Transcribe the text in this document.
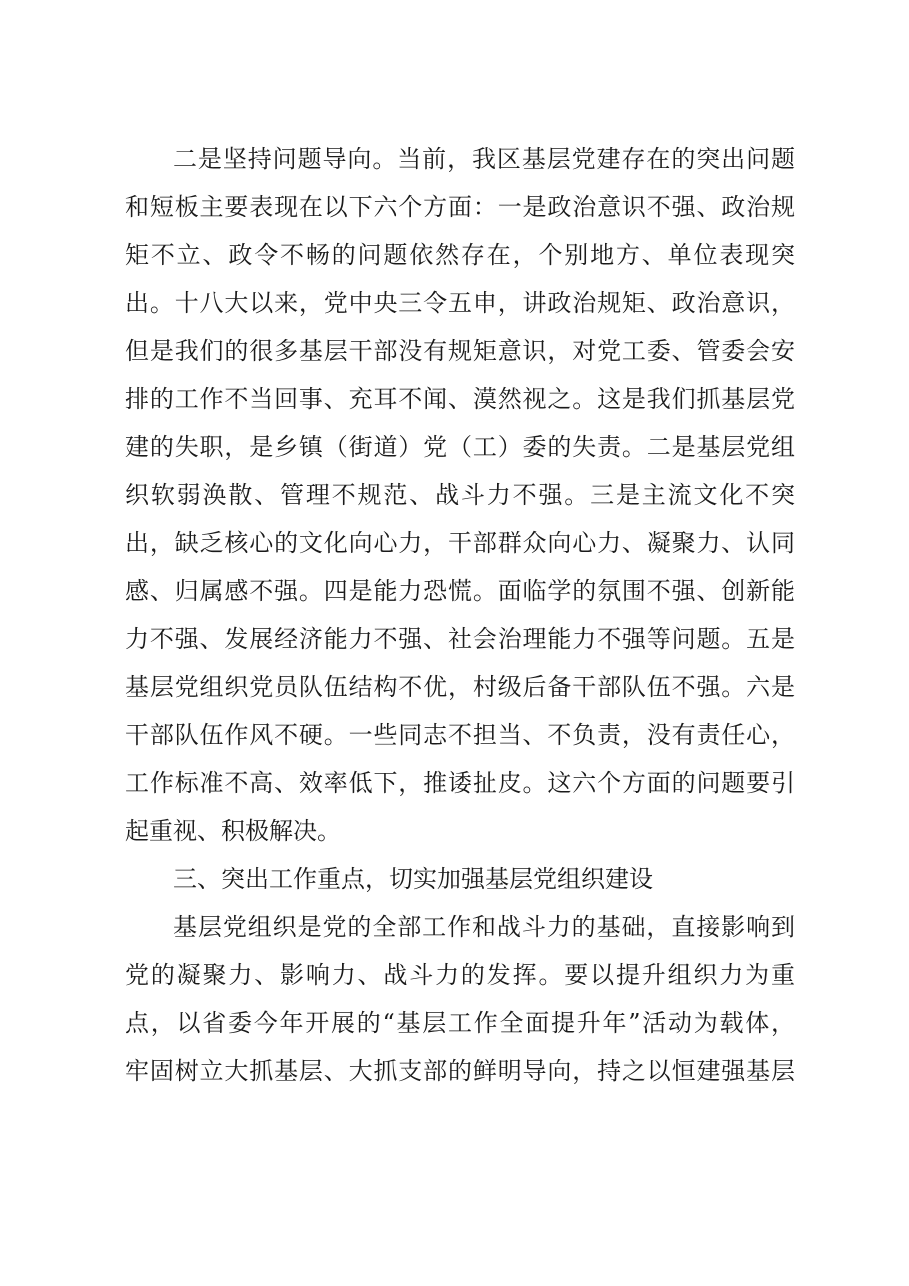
二是坚持问题导向。当前，我区基层党建存在的突出问题
和短板主要表现在以下六个方面：一是政治意识不强、政治规
矩不立、政令不畅的问题依然存在，个别地方、单位表现突
出。十八大以来，党中央三令五申，讲政治规矩、政治意识，
但是我们的很多基层干部没有规矩意识，对党工委、管委会安
排的工作不当回事、充耳不闻、漠然视之。这是我们抓基层党
建的失职，是乡镇（街道）党（工）委的失责。二是基层党组
织软弱涣散、管理不规范、战斗力不强。三是主流文化不突
出，缺乏核心的文化向心力，干部群众向心力、凝聚力、认同
感、归属感不强。四是能力恐慌。面临学的氛围不强、创新能
力不强、发展经济能力不强、社会治理能力不强等问题。五是
基层党组织党员队伍结构不优，村级后备干部队伍不强。六是
干部队伍作风不硬。一些同志不担当、不负责，没有责任心，
工作标准不高、效率低下，推诿扯皮。这六个方面的问题要引
起重视、积极解决。
三、突出工作重点，切实加强基层党组织建设
基层党组织是党的全部工作和战斗力的基础，直接影响到
党的凝聚力、影响力、战斗力的发挥。要以提升组织力为重
点，以省委今年开展的“基层工作全面提升年”活动为载体，
牢固树立大抓基层、大抓支部的鲜明导向，持之以恒建强基层
